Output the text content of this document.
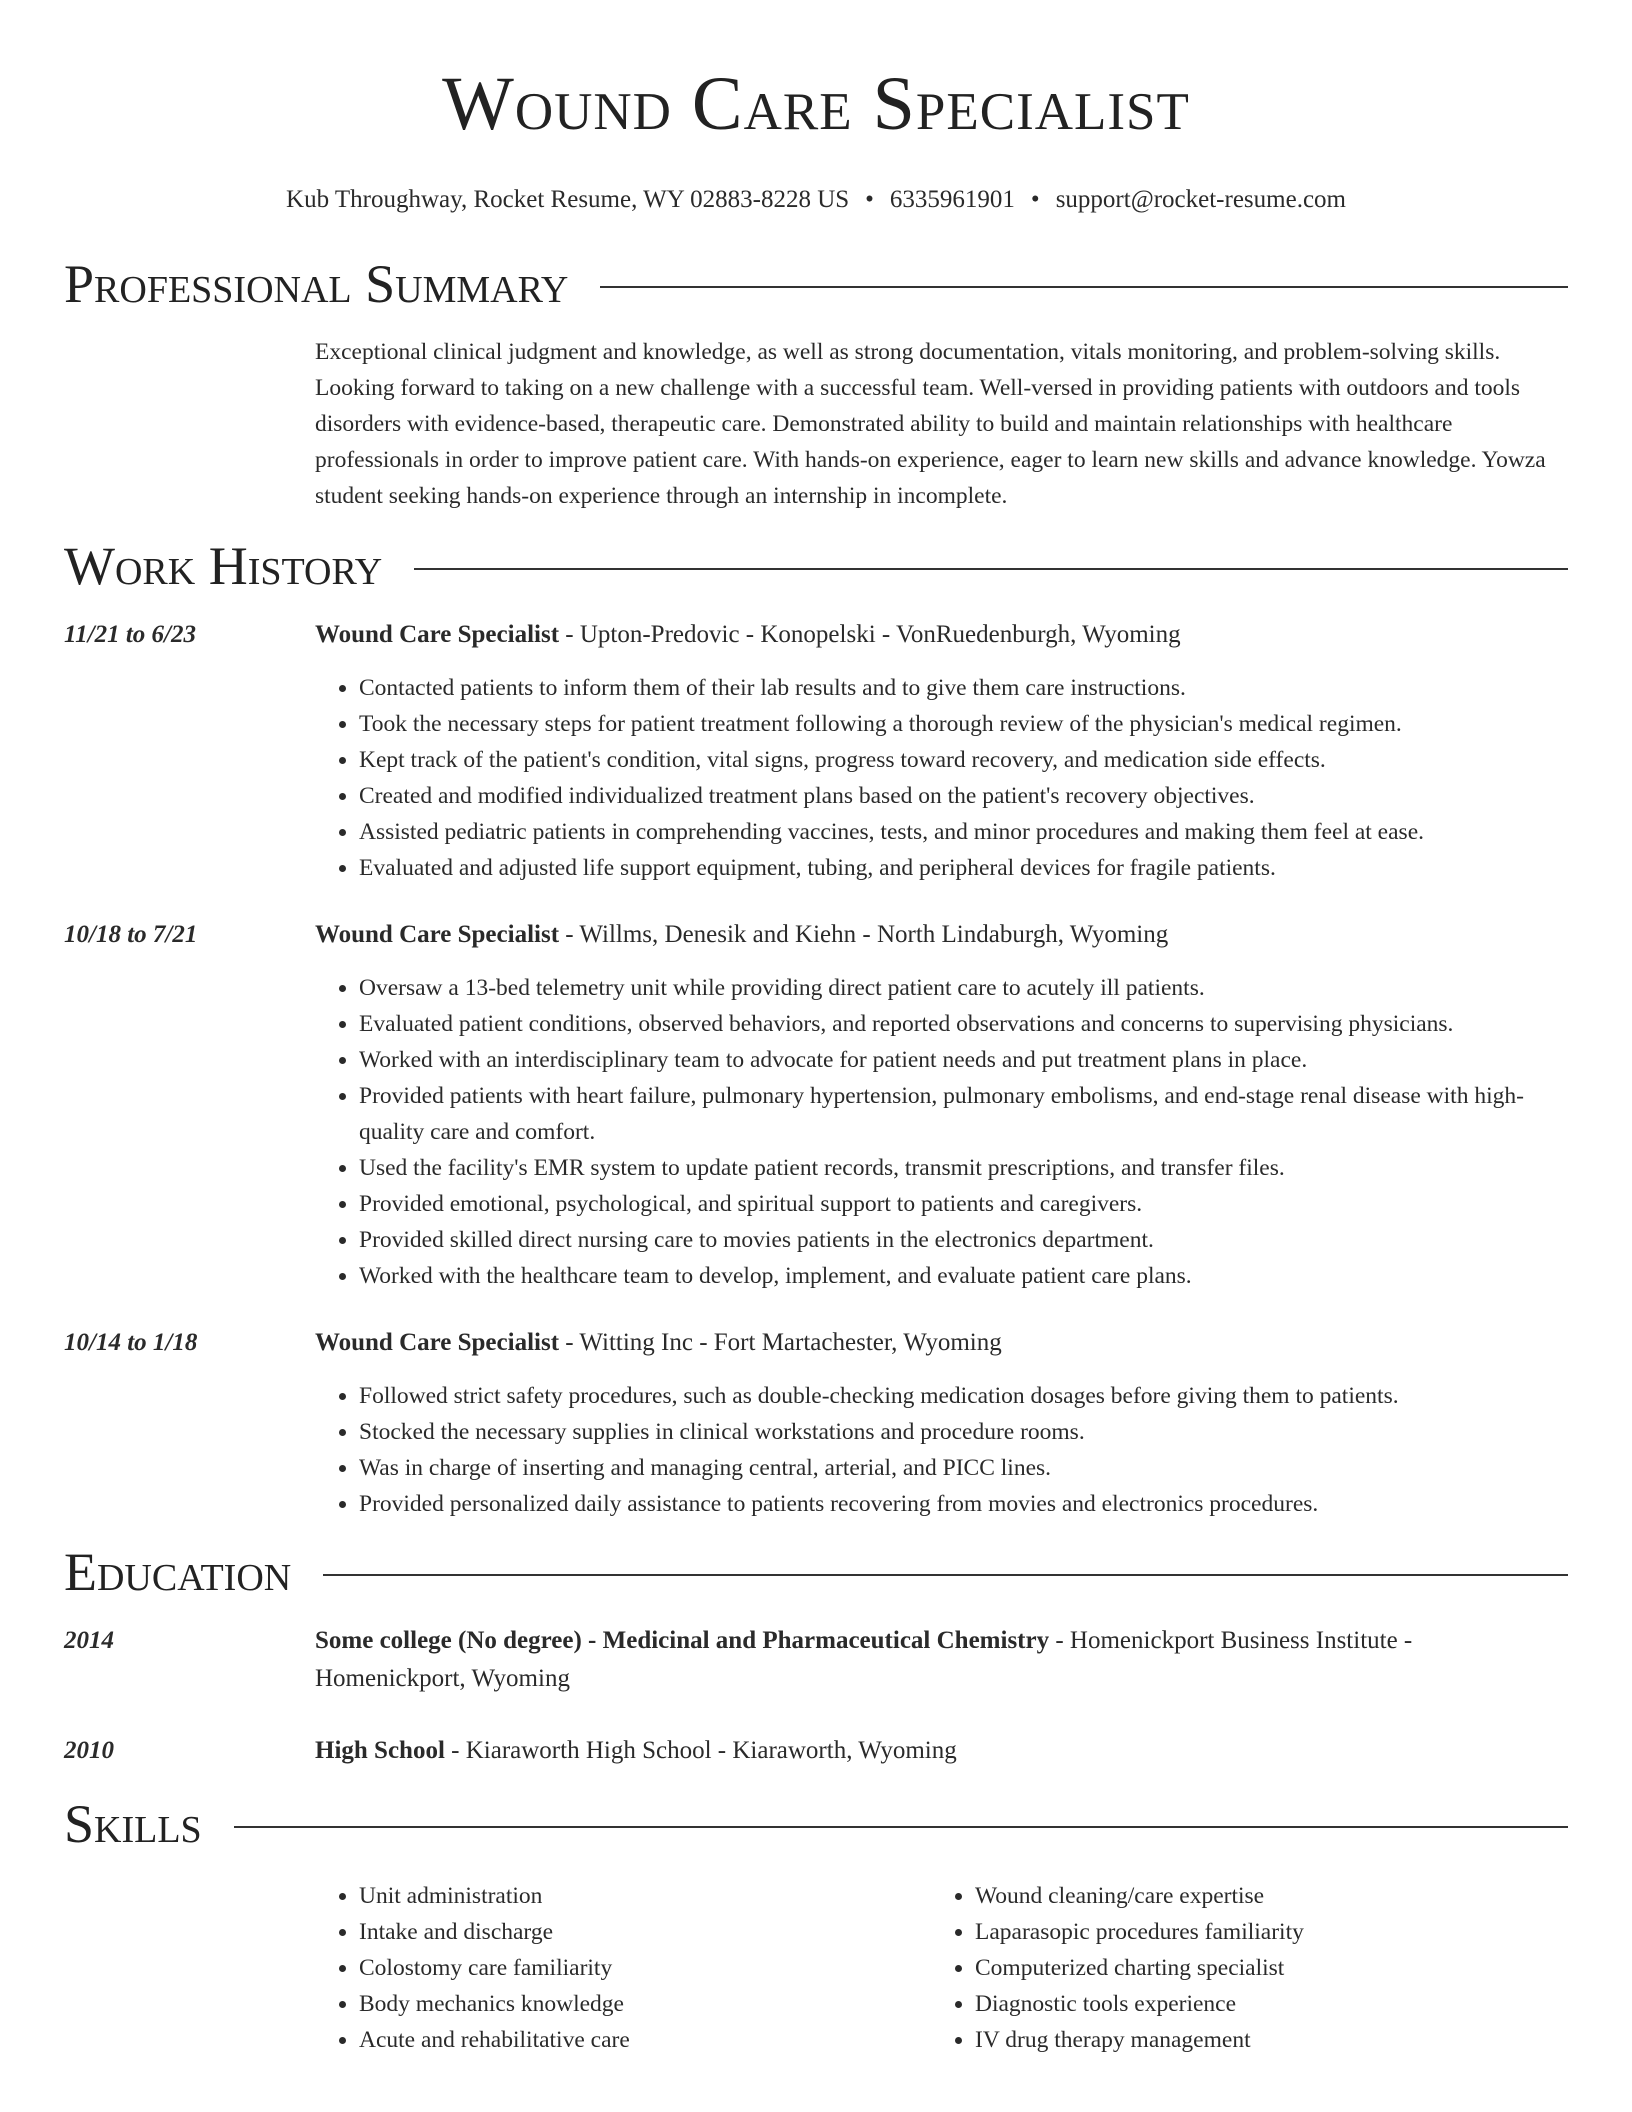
Wound Care Specialist
Kub Throughway, Rocket Resume, WY 02883-8228 US • 6335961901 • support@rocket-resume.com
Professional Summary
Exceptional clinical judgment and knowledge, as well as strong documentation, vitals monitoring, and problem-solving skills. Looking forward to taking on a new challenge with a successful team. Well-versed in providing patients with outdoors and tools disorders with evidence-based, therapeutic care. Demonstrated ability to build and maintain relationships with healthcare professionals in order to improve patient care. With hands-on experience, eager to learn new skills and advance knowledge. Yowza student seeking hands-on experience through an internship in incomplete.
Work History
11/21 to 6/23	Wound Care Specialist - Upton-Predovic - Konopelski - VonRuedenburgh, Wyoming
• Contacted patients to inform them of their lab results and to give them care instructions.
• Took the necessary steps for patient treatment following a thorough review of the physician's medical regimen.
• Kept track of the patient's condition, vital signs, progress toward recovery, and medication side effects.
• Created and modified individualized treatment plans based on the patient's recovery objectives.
• Assisted pediatric patients in comprehending vaccines, tests, and minor procedures and making them feel at ease.
• Evaluated and adjusted life support equipment, tubing, and peripheral devices for fragile patients.
10/18 to 7/21	Wound Care Specialist - Willms, Denesik and Kiehn - North Lindaburgh, Wyoming
• Oversaw a 13-bed telemetry unit while providing direct patient care to acutely ill patients.
• Evaluated patient conditions, observed behaviors, and reported observations and concerns to supervising physicians.
• Worked with an interdisciplinary team to advocate for patient needs and put treatment plans in place.
• Provided patients with heart failure, pulmonary hypertension, pulmonary embolisms, and end-stage renal disease with high-quality care and comfort.
• Used the facility's EMR system to update patient records, transmit prescriptions, and transfer files.
• Provided emotional, psychological, and spiritual support to patients and caregivers.
• Provided skilled direct nursing care to movies patients in the electronics department.
• Worked with the healthcare team to develop, implement, and evaluate patient care plans.
10/14 to 1/18	Wound Care Specialist - Witting Inc - Fort Martachester, Wyoming
• Followed strict safety procedures, such as double-checking medication dosages before giving them to patients.
• Stocked the necessary supplies in clinical workstations and procedure rooms.
• Was in charge of inserting and managing central, arterial, and PICC lines.
• Provided personalized daily assistance to patients recovering from movies and electronics procedures.
Education
2014	Some college (No degree) - Medicinal and Pharmaceutical Chemistry - Homenickport Business Institute - Homenickport, Wyoming
2010	High School - Kiaraworth High School - Kiaraworth, Wyoming
Skills
• Unit administration
• Intake and discharge
• Colostomy care familiarity
• Body mechanics knowledge
• Acute and rehabilitative care
• Wound cleaning/care expertise
• Laparasopic procedures familiarity
• Computerized charting specialist
• Diagnostic tools experience
• IV drug therapy management
